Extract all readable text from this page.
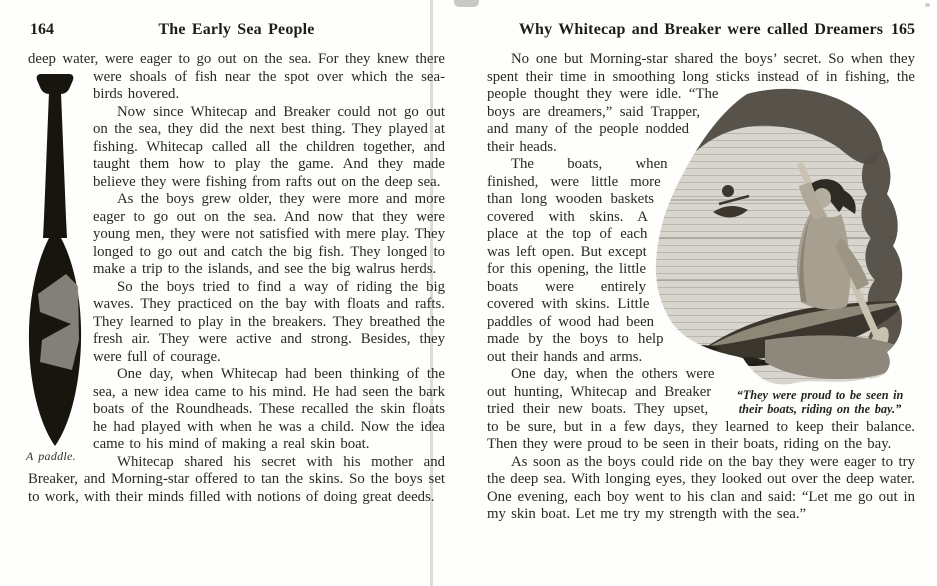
164	The Early Sea People

deep water, were eager to go out on the sea. For they knew there were shoals of fish near the spot over which the sea-
A paddle.
birds hovered.

Now since Whitecap and Breaker could not go out on the sea, they did the next best thing. They played at fishing. Whitecap called all the children together, and taught them how to play the game. And they made believe they were fishing from rafts out on the deep sea.

As the boys grew older, they were more and more eager to go out on the sea. And now that they were young men, they were not satisfied with mere play. They longed to go out and catch the big fish. They longed to make a trip to the islands, and see the big walrus herds.

So the boys tried to find a way of riding the big waves. They practiced on the bay with floats and rafts. They learned to play in the breakers. They breathed the fresh air. They were active and strong. Besides, they were full of courage.

One day, when Whitecap had been thinking of the sea, a new idea came to his mind. He had seen the bark boats of the Roundheads. These recalled the skin floats he had played with when he was a child. Now the idea came to his mind of making a real skin boat.

Whitecap shared his secret with his mother and Breaker, and Morning-star offered to tan the skins. So the boys set to work, with their minds filled with notions of doing great deeds.

Why Whitecap and Breaker were called Dreamers 165

No one but Morning-star shared the boys’ secret. So when they spent their time in smoothing long sticks instead
“They were proud to be seen in
their boats, riding on the bay.”
of in fishing, the people thought they were idle. “The boys are dreamers,” said Trapper, and many of the people nodded their heads.

The boats, when finished, were little more than long wooden baskets covered with skins. A place at the top of each was left open. But except for this opening, the little boats were entirely covered with skins. Little paddles of wood had been made by the boys to help out their hands and arms.

One day, when the others were out hunting, Whitecap and Breaker tried their new boats. They upset, to be sure, but in a few days, they learned to keep their balance. Then they were proud to be seen in their boats, riding on the bay.

As soon as the boys could ride on the bay they were eager to try the deep sea. With longing eyes, they looked out over the deep water. One evening, each boy went to his clan and said: “Let me go out in my skin boat. Let me try my strength with the sea.”
